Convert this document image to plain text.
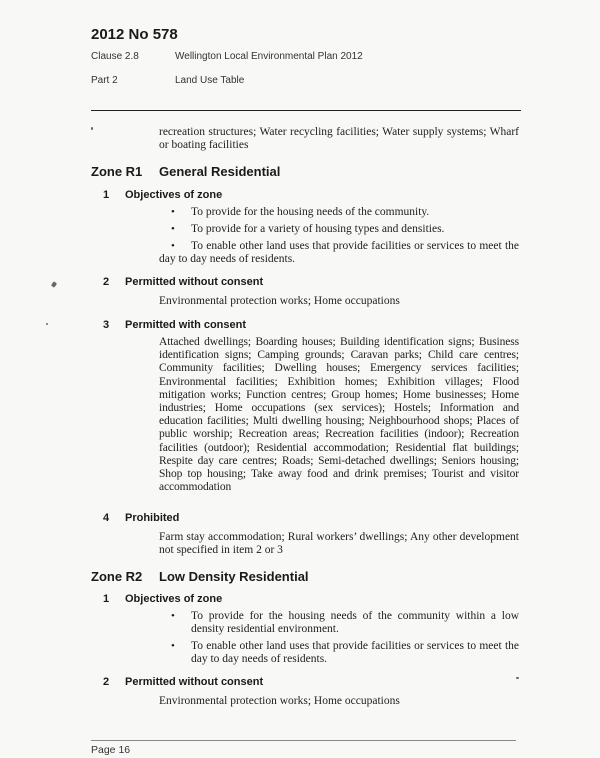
2012 No 578
Clause 2.8	Wellington Local Environmental Plan 2012
Part 2	Land Use Table
recreation structures; Water recycling facilities; Water supply systems; Wharf or boating facilities
Zone R1 General Residential
1 Objectives of zone
• To provide for the housing needs of the community.
• To provide for a variety of housing types and densities.
•	To enable other land uses that provide facilities or services to meet the day to day needs of residents.
2 Permitted without consent
Environmental protection works; Home occupations
3 Permitted with consent
Attached dwellings; Boarding houses; Building identification signs; Business identification signs; Camping grounds; Caravan parks; Child care centres; Community facilities; Dwelling houses; Emergency services facilities; Environmental facilities; Exhibition homes; Exhibition villages; Flood mitigation works; Function centres; Group homes; Home businesses; Home industries; Home occupations (sex services); Hostels; Information and education facilities; Multi dwelling housing; Neighbourhood shops; Places of public worship; Recreation areas; Recreation facilities (indoor); Recreation facilities (outdoor); Residential accommodation; Residential flat buildings; Respite day care centres; Roads; Semi-detached dwellings; Seniors housing; Shop top housing; Take away food and drink premises; Tourist and visitor accommodation
4 Prohibited
Farm stay accommodation; Rural workers’ dwellings; Any other development not specified in item 2 or 3
Zone R2 Low Density Residential
1 Objectives of zone
• To provide for the housing needs of the community within a low density residential environment.
• To enable other land uses that provide facilities or services to meet the day to day needs of residents.
2 Permitted without consent
Environmental protection works; Home occupations
Page 16
